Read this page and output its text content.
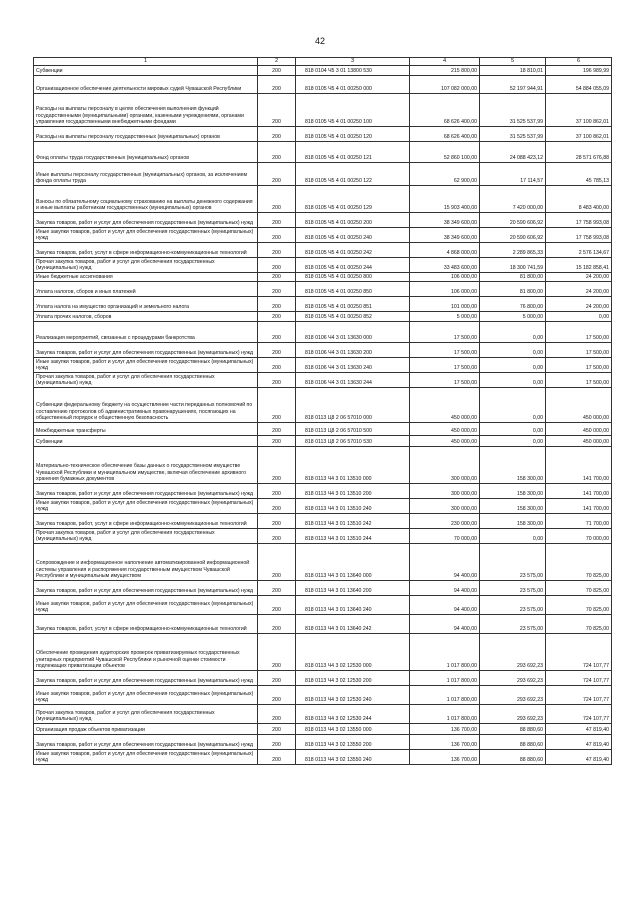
42
1	2	3	4	5	6
Субвенции	200	818 0104 Ч5 3 01 13800 530	215 800,00	18 810,01	196 989,99
Организационное обеспечение деятельности мировых судей Чувашской Республики	200	818 0105 Ч5 4 01 00250 000	107 082 000,00	52 197 944,91	54 884 055,09
Расходы на выплаты персоналу в целях обеспечения выполнения функций государственными (муниципальными) органами, казенными учреждениями, органами управления государственными внебюджетными фондами	200	818 0105 Ч5 4 01 00250 100	68 626 400,00	31 525 537,99	37 100 862,01
Расходы на выплаты персоналу государственных (муниципальных) органов	200	818 0105 Ч5 4 01 00250 120	68 626 400,00	31 525 537,99	37 100 862,01
Фонд оплаты труда государственных (муниципальных) органов	200	818 0105 Ч5 4 01 00250 121	52 860 100,00	24 088 423,12	28 571 676,88
Иные выплаты персоналу государственных (муниципальных) органов, за исключением фонда оплаты труда	200	818 0105 Ч5 4 01 00250 122	62 900,00	17 114,57	45 785,13
Взносы по обязательному социальному страхованию на выплаты денежного содержания и иные выплаты работникам государственных (муниципальных) органов	200	818 0105 Ч5 4 01 00250 129	15 903 400,00	7 420 000,00	8 483 400,00
Закупка товаров, работ и услуг для обеспечения государственных (муниципальных) нужд	200	818 0105 Ч5 4 01 00250 200	38 349 600,00	20 590 606,92	17 758 993,08
Иные закупки товаров, работ и услуг для обеспечения государственных (муниципальных) нужд	200	818 0105 Ч5 4 01 00250 240	38 349 600,00	20 590 606,92	17 758 993,08
Закупка товаров, работ, услуг в сфере информационно-коммуникационных технологий	200	818 0105 Ч5 4 01 00250 242	4 868 000,00	2 289 865,33	2 576 134,67
Прочая закупка товаров, работ и услуг для обеспечения государственных (муниципальных) нужд	200	818 0105 Ч5 4 01 00250 244	33 483 600,00	18 300 741,59	15 182 858,41
Иные бюджетные ассигнования	200	818 0105 Ч5 4 01 00250 800	106 000,00	81 800,00	24 200,00
Уплата налогов, сборов и иных платежей	200	818 0105 Ч5 4 01 00250 850	106 000,00	81 800,00	24 200,00
Уплата налога на имущество организаций и земельного налога	200	818 0105 Ч5 4 01 00250 851	101 000,00	76 800,00	24 200,00
Уплата прочих налогов, сборов	200	818 0105 Ч5 4 01 00250 852	5 000,00	5 000,00	0,00
Реализация мероприятий, связанных с процедурами банкротства	200	818 0106 Ч4 3 01 13630 000	17 500,00	0,00	17 500,00
Закупка товаров, работ и услуг для обеспечения государственных (муниципальных) нужд	200	818 0106 Ч4 3 01 13630 200	17 500,00	0,00	17 500,00
Иные закупки товаров, работ и услуг для обеспечения государственных (муниципальных) нужд	200	818 0106 Ч4 3 01 13630 240	17 500,00	0,00	17 500,00
Прочая закупка товаров, работ и услуг для обеспечения государственных (муниципальных) нужд	200	818 0106 Ч4 3 01 13630 244	17 500,00	0,00	17 500,00
Субвенции федеральному бюджету на осуществление части переданных полномочий по составлению протоколов об административных правонарушениях, посягающих на общественный порядок и общественную безопасность	200	818 0113 Ц8 2 06 57010 000	450 000,00	0,00	450 000,00
Межбюджетные трансферты	200	818 0113 Ц8 2 06 57010 500	450 000,00	0,00	450 000,00
Субвенции	200	818 0113 Ц8 2 06 57010 530	450 000,00	0,00	450 000,00
Материально-техническое обеспечение базы данных о государственном имуществе Чувашской Республики и муниципальном имуществе, включая обеспечение архивного хранения бумажных документов	200	818 0113 Ч4 3 01 13510 000	300 000,00	158 300,00	141 700,00
Закупка товаров, работ и услуг для обеспечения государственных (муниципальных) нужд	200	818 0113 Ч4 3 01 13510 200	300 000,00	158 300,00	141 700,00
Иные закупки товаров, работ и услуг для обеспечения государственных (муниципальных) нужд	200	818 0113 Ч4 3 01 13510 240	300 000,00	158 300,00	141 700,00
Закупка товаров, работ, услуг в сфере информационно-коммуникационных технологий	200	818 0113 Ч4 3 01 13510 242	230 000,00	158 300,00	71 700,00
Прочая закупка товаров, работ и услуг для обеспечения государственных (муниципальных) нужд	200	818 0113 Ч4 3 01 13510 244	70 000,00	0,00	70 000,00
Сопровождение и информационное наполнение автоматизированной информационной системы управления и распоряжения государственным имуществом Чувашской Республики и муниципальным имуществом	200	818 0113 Ч4 3 01 13640 000	94 400,00	23 575,00	70 825,00
Закупка товаров, работ и услуг для обеспечения государственных (муниципальных) нужд	200	818 0113 Ч4 3 01 13640 200	94 400,00	23 575,00	70 825,00
Иные закупки товаров, работ и услуг для обеспечения государственных (муниципальных) нужд	200	818 0113 Ч4 3 01 13640 240	94 400,00	23 575,00	70 825,00
Закупка товаров, работ, услуг в сфере информационно-коммуникационных технологий	200	818 0113 Ч4 3 01 13640 242	94 400,00	23 575,00	70 825,00
Обеспечение проведения аудиторских проверок приватизируемых государственных унитарных предприятий Чувашской Республики и рыночной оценки стоимости подлежащих приватизации объектов	200	818 0113 Ч4 3 02 12530 000	1 017 800,00	293 692,23	724 107,77
Закупка товаров, работ и услуг для обеспечения государственных (муниципальных) нужд	200	818 0113 Ч4 3 02 12530 200	1 017 800,00	293 692,23	724 107,77
Иные закупки товаров, работ и услуг для обеспечения государственных (муниципальных) нужд	200	818 0113 Ч4 3 02 12530 240	1 017 800,00	293 692,23	724 107,77
Прочая закупка товаров, работ и услуг для обеспечения государственных (муниципальных) нужд	200	818 0113 Ч4 3 02 12530 244	1 017 800,00	293 692,23	724 107,77
Организация продаж объектов приватизации	200	818 0113 Ч4 3 02 13550 000	136 700,00	88 880,60	47 819,40
Закупка товаров, работ и услуг для обеспечения государственных (муниципальных) нужд	200	818 0113 Ч4 3 02 13550 200	136 700,00	88 880,60	47 819,40
Иные закупки товаров, работ и услуг для обеспечения государственных (муниципальных) нужд	200	818 0113 Ч4 3 02 13550 240	136 700,00	88 880,60	47 819,40
